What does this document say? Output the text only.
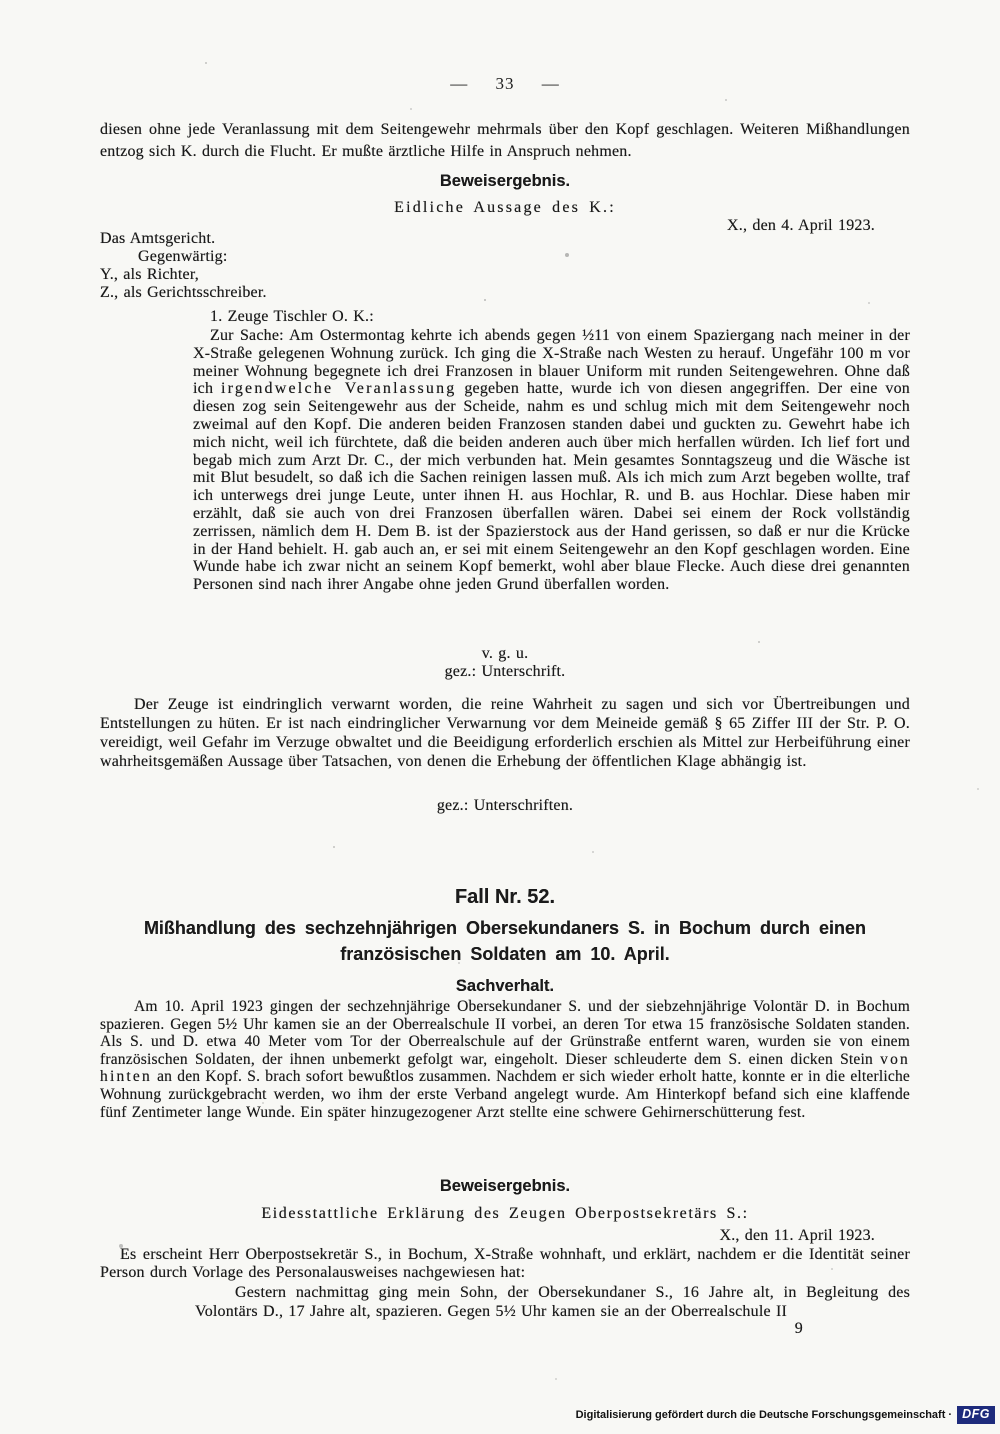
— 33 —
diesen ohne jede Veranlassung mit dem Seitengewehr mehrmals über den Kopf geschlagen. Weiteren Mißhandlungen entzog sich K. durch die Flucht. Er mußte ärztliche Hilfe in Anspruch nehmen.
Beweisergebnis.
Eidliche Aussage des K.:
X., den 4. April 1923.
Das Amtsgericht.
Gegenwärtig:
Y., als Richter,
Z., als Gerichtsschreiber.
1. Zeuge Tischler O. K.:
Zur Sache: Am Ostermontag kehrte ich abends gegen ½11 von einem Spaziergang nach meiner in der X-Straße gelegenen Wohnung zurück. Ich ging die X-Straße nach Westen zu herauf. Ungefähr 100 m vor meiner Wohnung begegnete ich drei Franzosen in blauer Uniform mit runden Seitengewehren. Ohne daß ich irgendwelche Veranlassung gegeben hatte, wurde ich von diesen angegriffen. Der eine von diesen zog sein Seitengewehr aus der Scheide, nahm es und schlug mich mit dem Seitengewehr noch zweimal auf den Kopf. Die anderen beiden Franzosen standen dabei und guckten zu. Gewehrt habe ich mich nicht, weil ich fürchtete, daß die beiden anderen auch über mich herfallen würden. Ich lief fort und begab mich zum Arzt Dr. C., der mich verbunden hat. Mein gesamtes Sonntagszeug und die Wäsche ist mit Blut besudelt, so daß ich die Sachen reinigen lassen muß. Als ich mich zum Arzt begeben wollte, traf ich unterwegs drei junge Leute, unter ihnen H. aus Hochlar, R. und B. aus Hochlar. Diese haben mir erzählt, daß sie auch von drei Franzosen überfallen wären. Dabei sei einem der Rock vollständig zerrissen, nämlich dem H. Dem B. ist der Spazierstock aus der Hand gerissen, so daß er nur die Krücke in der Hand behielt. H. gab auch an, er sei mit einem Seitengewehr an den Kopf geschlagen worden. Eine Wunde habe ich zwar nicht an seinem Kopf bemerkt, wohl aber blaue Flecke. Auch diese drei genannten Personen sind nach ihrer Angabe ohne jeden Grund überfallen worden.
v. g. u.
gez.: Unterschrift.
Der Zeuge ist eindringlich verwarnt worden, die reine Wahrheit zu sagen und sich vor Übertreibungen und Entstellungen zu hüten. Er ist nach eindringlicher Verwarnung vor dem Meineide gemäß § 65 Ziffer III der Str. P. O. vereidigt, weil Gefahr im Verzuge obwaltet und die Beeidigung erforderlich erschien als Mittel zur Herbeiführung einer wahrheitsgemäßen Aussage über Tatsachen, von denen die Erhebung der öffentlichen Klage abhängig ist.
gez.: Unterschriften.
Fall Nr. 52.
Mißhandlung des sechzehnjährigen Obersekundaners S. in Bochum durch einen französischen Soldaten am 10. April.
Sachverhalt.
Am 10. April 1923 gingen der sechzehnjährige Obersekundaner S. und der siebzehnjährige Volontär D. in Bochum spazieren. Gegen 5½ Uhr kamen sie an der Oberrealschule II vorbei, an deren Tor etwa 15 französische Soldaten standen. Als S. und D. etwa 40 Meter vom Tor der Oberrealschule auf der Grünstraße entfernt waren, wurden sie von einem französischen Soldaten, der ihnen unbemerkt gefolgt war, eingeholt. Dieser schleuderte dem S. einen dicken Stein von hinten an den Kopf. S. brach sofort bewußtlos zusammen. Nachdem er sich wieder erholt hatte, konnte er in die elterliche Wohnung zurückgebracht werden, wo ihm der erste Verband angelegt wurde. Am Hinterkopf befand sich eine klaffende fünf Zentimeter lange Wunde. Ein später hinzugezogener Arzt stellte eine schwere Gehirnerschütterung fest.
Beweisergebnis.
Eidesstattliche Erklärung des Zeugen Oberpostsekretärs S.:
X., den 11. April 1923.
Es erscheint Herr Oberpostsekretär S., in Bochum, X-Straße wohnhaft, und erklärt, nachdem er die Identität seiner Person durch Vorlage des Personalausweises nachgewiesen hat:
Gestern nachmittag ging mein Sohn, der Obersekundaner S., 16 Jahre alt, in Begleitung des Volontärs D., 17 Jahre alt, spazieren. Gegen 5½ Uhr kamen sie an der Oberrealschule II
9
Digitalisierung gefördert durch die Deutsche Forschungsgemeinschaft · DFG
